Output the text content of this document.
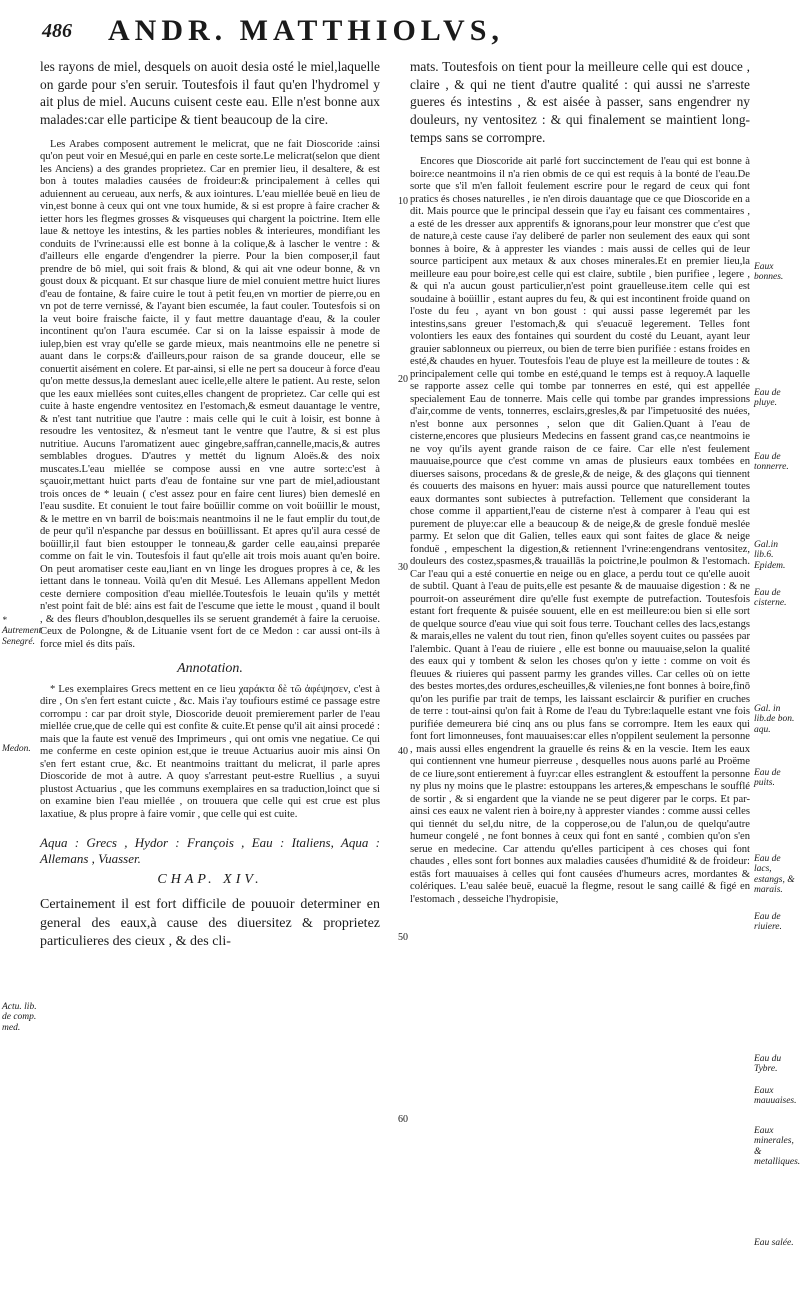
486 ANDR. MATTHIOLVS,

les rayons de miel, desquels on auoit desia osté le miel,laquelle on garde pour s'en seruir. Toutesfois il faut qu'en l'hydromel y ait plus de miel. Aucuns cuisent ceste eau. Elle n'est bonne aux malades:car elle participe & tient beaucoup de la cire.

Les Arabes composent autrement le melicrat, que ne fait Dioscoride :ainsi qu'on peut voir en Mesué,qui en parle en ceste sorte.Le melicrat(selon que dient les Anciens) a des grandes proprietez. Car en premier lieu, il desaltere, & est bon à toutes maladies causées de froideur:& principalement à celles qui aduiennent au cerueau, aux nerfs, & aux iointures. L'eau miellée beuë en lieu de vin,est bonne à ceux qui ont vne toux humide, & si est propre à faire cracher & ietter hors les flegmes grosses & visqueuses qui chargent la poictrine. Item elle laue & nettoye les intestins, & les parties nobles & interieures, mondifiant les conduits de l'vrine:aussi elle est bonne à la colique,& à lascher le ventre : & d'ailleurs elle engarde d'engendrer la pierre. Pour la bien composer,il faut prendre de bô miel, qui soit frais & blond, & qui ait vne odeur bonne, & vn goust doux & picquant. Et sur chasque liure de miel conuient mettre huict liures d'eau de fontaine, & faire cuire le tout à petit feu,en vn mortier de pierre,ou en vn pot de terre vernissé, & l'ayant bien escumée, la faut couler. Toutesfois si on la veut boire fraische faicte, il y faut mettre dauantage d'eau, & la couler incontinent qu'on l'aura escumée. Car si on la laisse espaissir à mode de iulep,bien est vray qu'elle se garde mieux, mais neantmoins elle ne penetre si auant dans le corps:& d'ailleurs,pour raison de sa grande douceur, elle se conuertit aisément en colere. Et par-ainsi, si elle ne pert sa douceur à force d'eau qu'on mette dessus,la demeslant auec icelle,elle altere le patient. Au reste, selon que les eaux miellées sont cuites,elles changent de proprietez. Car celle qui est cuite à haste engendre ventositez en l'estomach,& esmeut dauantage le ventre, & n'est tant nutritiue que l'autre : mais celle qui le cuit à loisir, est bonne à resoudre les ventositez, & n'esmeut tant le ventre que l'autre, & si est plus nutritiue. Aucuns l'aromatizent auec gingebre,saffran,cannelle,macis,& autres semblables drogues. D'autres y mettét du lignum Aloës.& des noix muscates.L'eau miellée se compose aussi en vne autre sorte:c'est à sçauoir,mettant huict parts d'eau de fontaine sur vne part de miel,adioustant trois onces de * leuain ( c'est assez pour en faire cent liures) bien demeslé en l'eau susdite. Et conuient le tout faire boüillir comme on voit boüillir le moust, & le mettre en vn barril de bois:mais neantmoins il ne le faut emplir du tout,de de peur qu'il n'espanche par dessus en boüillissant. Et apres qu'il aura cessé de boüillir,il faut bien estoupper le tonneau,& garder celle eau,ainsi preparée comme on fait le vin. Toutesfois il faut qu'elle ait trois mois auant qu'en boire. On peut aromatiser ceste eau,liant en vn linge les drogues propres à ce, & les iettant dans le tonneau. Voilà qu'en dit Mesué. Les Allemans appellent Medon ceste derniere composition d'eau miellée.Toutesfois le leuain qu'ils y mettét n'est point fait de blé: ains est fait de l'escume que iette le moust , quand il boult , & des fleurs d'houblon,desquelles ils se seruent grandemét à faire la ceruoise. Ceux de Polongne, & de Lituanie vsent fort de ce Medon : car aussi ont-ils à force miel és dits païs.

Annotation.

* Les exemplaires Grecs mettent en ce lieu χαράκτα δὲ τῶ ἀφέψησεν, c'est à dire , On s'en fert estant cuicte , &c. Mais i'ay toufiours estimé ce passage estre corrompu : car par droit style, Dioscoride deuoit premierement parler de l'eau miellée crue,que de celle qui est confite & cuite.Et pense qu'il ait ainsi procedé : mais que la faute est venuë des Imprimeurs , qui ont omis vne negatiue. Ce qui me conferme en ceste opinion est,que ie treuue Actuarius auoir mis ainsi On s'en fert estant crue, &c. Et neantmoins traittant du melicrat, il parle apres Dioscoride de mot à autre. A quoy s'arrestant peut-estre Ruellius , a suyui plustost Actuarius , que les communs exemplaires en sa traduction,loinct que si on examine bien l'eau miellée , on trouuera que celle qui est crue est plus laxatiue, & plus propre à faire vomir , que celle qui est cuite.

Aqua : Grecs , Hydor : François , Eau : Italiens, Aqua : Allemans , Vuasser.
CHAP. XIV.

Certainement il est fort difficile de pouuoir determiner en general des eaux,à cause des diuersitez & proprietez particulieres des cieux , & des cli-

mats. Toutesfois on tient pour la meilleure celle qui est douce , claire , & qui ne tient d'autre qualité : qui aussi ne s'arreste gueres és intestins , & est aisée à passer, sans engendrer ny douleurs, ny ventositez : & qui finalement se maintient long-temps sans se corrompre.

Encores que Dioscoride ait parlé fort succinctement de l'eau qui est bonne à boire:ce neantmoins il n'a rien obmis de ce qui est requis à la bonté de l'eau.De sorte que s'il m'en falloit feulement escrire pour le regard de ceux qui font pratics és choses naturelles , ie n'en dirois dauantage que ce que Dioscoride en a dit. Mais pource que le principal dessein que i'ay eu faisant ces commentaires , a esté de les dresser aux apprentifs & ignorans,pour leur monstrer que c'est que de nature,à ceste cause i'ay deliberé de parler non seulement des eaux qui sont bonnes à boire, & à apprester les viandes : mais aussi de celles qui de leur source participent aux metaux & aux choses minerales.Et en premier lieu,la meilleure eau pour boire,est celle qui est claire, subtile , bien purifiee , legere , & qui n'a aucun goust particulier,n'est point grauelleuse.item celle qui est soudaine à boüillir , estant aupres du feu, & qui est incontinent froide quand on l'oste du feu , ayant vn bon goust : qui aussi passe legeremét par les intestins,sans greuer l'estomach,& qui s'euacuë legerement. Telles font volontiers les eaux des fontaines qui sourdent du costé du Leuant, ayant leur grauier sablonneux ou pierreux, ou bien de terre bien purifiée : estans froides en esté,& chaudes en hyuer. Toutesfois l'eau de pluye est la meilleure de toutes : & principalement celle qui tombe en esté,quand le temps est à requoy.A laquelle se rapporte assez celle qui tombe par tonnerres en esté, qui est appellée specialement Eau de tonnerre. Mais celle qui tombe par grandes impressions d'air,comme de vents, tonnerres, esclairs,gresles,& par l'impetuosité des nuées, n'est bonne aux personnes , selon que dit Galien.Quant à l'eau de cisterne,encores que plusieurs Medecins en fassent grand cas,ce neantmoins ie ne voy qu'ils ayent grande raison de ce faire. Car elle n'est feulement mauuaise,pource que c'est comme vn amas de plusieurs eaux tombées en diuerses saisons, procedans & de gresle,& de neige, & des glaçons qui tiennent és couuerts des maisons en hyuer: mais aussi pource que naturellement toutes eaux dormantes sont subiectes à putrefaction. Tellement que considerant la chose comme il appartient,l'eau de cisterne n'est à comparer à l'eau qui est purement de pluye:car elle a beaucoup & de neige,& de gresle fonduë meslée parmy. Et selon que dit Galien, telles eaux qui sont faites de glace & neige fonduë , empeschent la digestion,& retiennent l'vrine:engendrans ventositez, douleurs des costez,spasmes,& trauaillās la poictrine,le poulmon & l'estomach. Car l'eau qui a esté conuertie en neige ou en glace, a perdu tout ce qu'elle auoit de subtil. Quant à l'eau de puits,elle est pesante & de mauuaise digestion : & ne pourroit-on asseurément dire qu'elle fust exempte de putrefaction. Toutesfois estant fort frequente & puisée souuent, elle en est meilleure:ou bien si elle sort de quelque source d'eau viue qui soit fous terre. Touchant celles des lacs,estangs & marais,elles ne valent du tout rien, finon qu'elles soyent cuites ou passées par l'alembic. Quant à l'eau de riuiere , elle est bonne ou mauuaise,selon la qualité des eaux qui y tombent & selon les choses qu'on y iette : comme on voit és fleuues & riuieres qui passent parmy les grandes villes. Car celles où on iette des bestes mortes,des ordures,escheuilles,& vilenies,ne font bonnes à boire,finō qu'on les purifie par trait de temps, les laissant esclaircir & purifier en cruches de terre : tout-ainsi qu'on fait à Rome de l'eau du Tybre:laquelle estant vne fois purifiée demeurera bié cinq ans ou plus fans se corrompre. Item les eaux qui font fort limonneuses, font mauuaises:car elles n'oppilent seulement la personne , mais aussi elles engendrent la grauelle és reins & en la vescie. Item les eaux qui contiennent vne humeur pierreuse , desquelles nous auons parlé au Proëme de ce liure,sont entierement à fuyr:car elles estranglent & estouffent la personne ny plus ny moins que le plastre: estouppans les arteres,& empeschans le soufflé de sortir , & si engardent que la viande ne se peut digerer par le corps. Et par-ainsi ces eaux ne valent rien à boire,ny à apprester viandes : comme aussi celles qui tiennét du sel,du nitre, de la copperose,ou de l'alun,ou de quelqu'autre humeur congelé , ne font bonnes à ceux qui font en santé , combien qu'on s'en serue en medecine. Car attendu qu'elles participent à ces choses qui font chaudes , elles sont fort bonnes aux maladies causées d'humidité & de froideur: estās fort mauuaises à celles qui font causées d'humeurs acres, mordantes & colériques. L'eau salée beuë, euacuë la flegme, resout le sang caillé & figé en l'estomach , desseiche l'hydropisie,

* Autrement Senegré.
Medon.
Actu. lib. de comp. med.
Eaux bonnes.
Eau de pluye.
Eau de tonnerre.
Gal.in lib.6. Epidem.
Eau de cisterne.
Gal. in lib.de bon. aqu.
Eau de puits.
Eau de lacs, estangs, & marais.
Eau de riuiere.
Eau du Tybre.
Eaux mauuaises.
Eaux minerales, & metalliques.
Eau salée.
10
20
30
40
50
60
